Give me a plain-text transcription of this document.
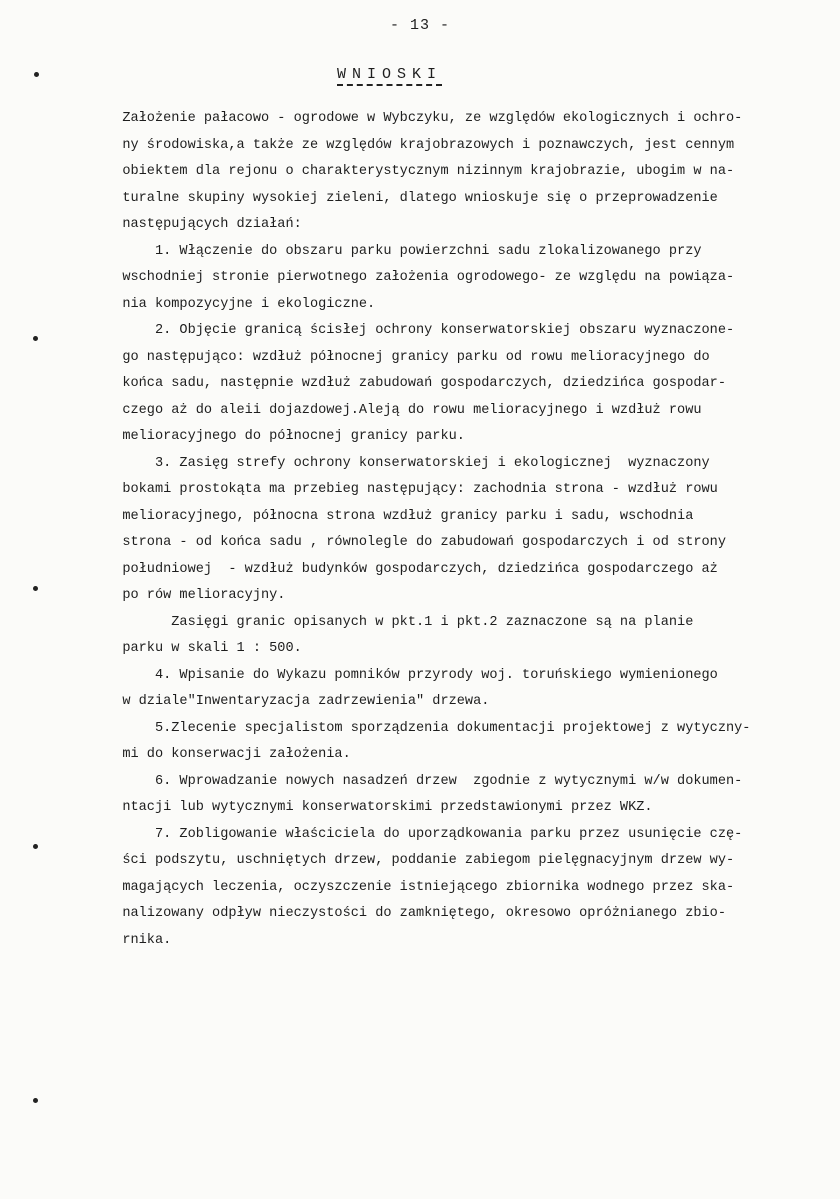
- 13 -
WNIOSKI
Założenie pałacowo - ogrodowe w Wybczyku, ze względów ekologicznych i ochro-
ny środowiska,a także ze względów krajobrazowych i poznawczych, jest cennym
obiektem dla rejonu o charakterystycznym nizinnym krajobrazie, ubogim w na-
turalne skupiny wysokiej zieleni, dlatego wnioskuje się o przeprowadzenie
następujących działań:
1. Włączenie do obszaru parku powierzchni sadu zlokalizowanego przy
wschodniej stronie pierwotnego założenia ogrodowego- ze względu na powiąza-
nia kompozycyjne i ekologiczne.
2. Objęcie granicą ścisłej ochrony konserwatorskiej obszaru wyznaczone-
go następująco: wzdłuż północnej granicy parku od rowu melioracyjnego do
końca sadu, następnie wzdłuż zabudowań gospodarczych, dziedzińca gospodar-
czego aż do aleii dojazdowej.Aleją do rowu melioracyjnego i wzdłuż rowu
melioracyjnego do północnej granicy parku.
3. Zasięg strefy ochrony konserwatorskiej i ekologicznej  wyznaczony
bokami prostokąta ma przebieg następujący: zachodnia strona - wzdłuż rowu
melioracyjnego, północna strona wzdłuż granicy parku i sadu, wschodnia
strona - od końca sadu , równolegle do zabudowań gospodarczych i od strony
południowej  - wzdłuż budynków gospodarczych, dziedzińca gospodarczego aż
po rów melioracyjny.
Zasięgi granic opisanych w pkt.1 i pkt.2 zaznaczone są na planie
parku w skali 1 : 500.
4. Wpisanie do Wykazu pomników przyrody woj. toruńskiego wymienionego
w dziale"Inwentaryzacja zadrzewienia" drzewa.
5.Zlecenie specjalistom sporządzenia dokumentacji projektowej z wytyczny-
mi do konserwacji założenia.
6. Wprowadzanie nowych nasadzeń drzew  zgodnie z wytycznymi w/w dokumen-
ntacji lub wytycznymi konserwatorskimi przedstawionymi przez WKZ.
7. Zobligowanie właściciela do uporządkowania parku przez usunięcie czę-
ści podszytu, uschniętych drzew, poddanie zabiegom pielęgnacyjnym drzew wy-
magających leczenia, oczyszczenie istniejącego zbiornika wodnego przez ska-
nalizowany odpływ nieczystości do zamkniętego, okresowo opróżnianego zbio-
rnika.
